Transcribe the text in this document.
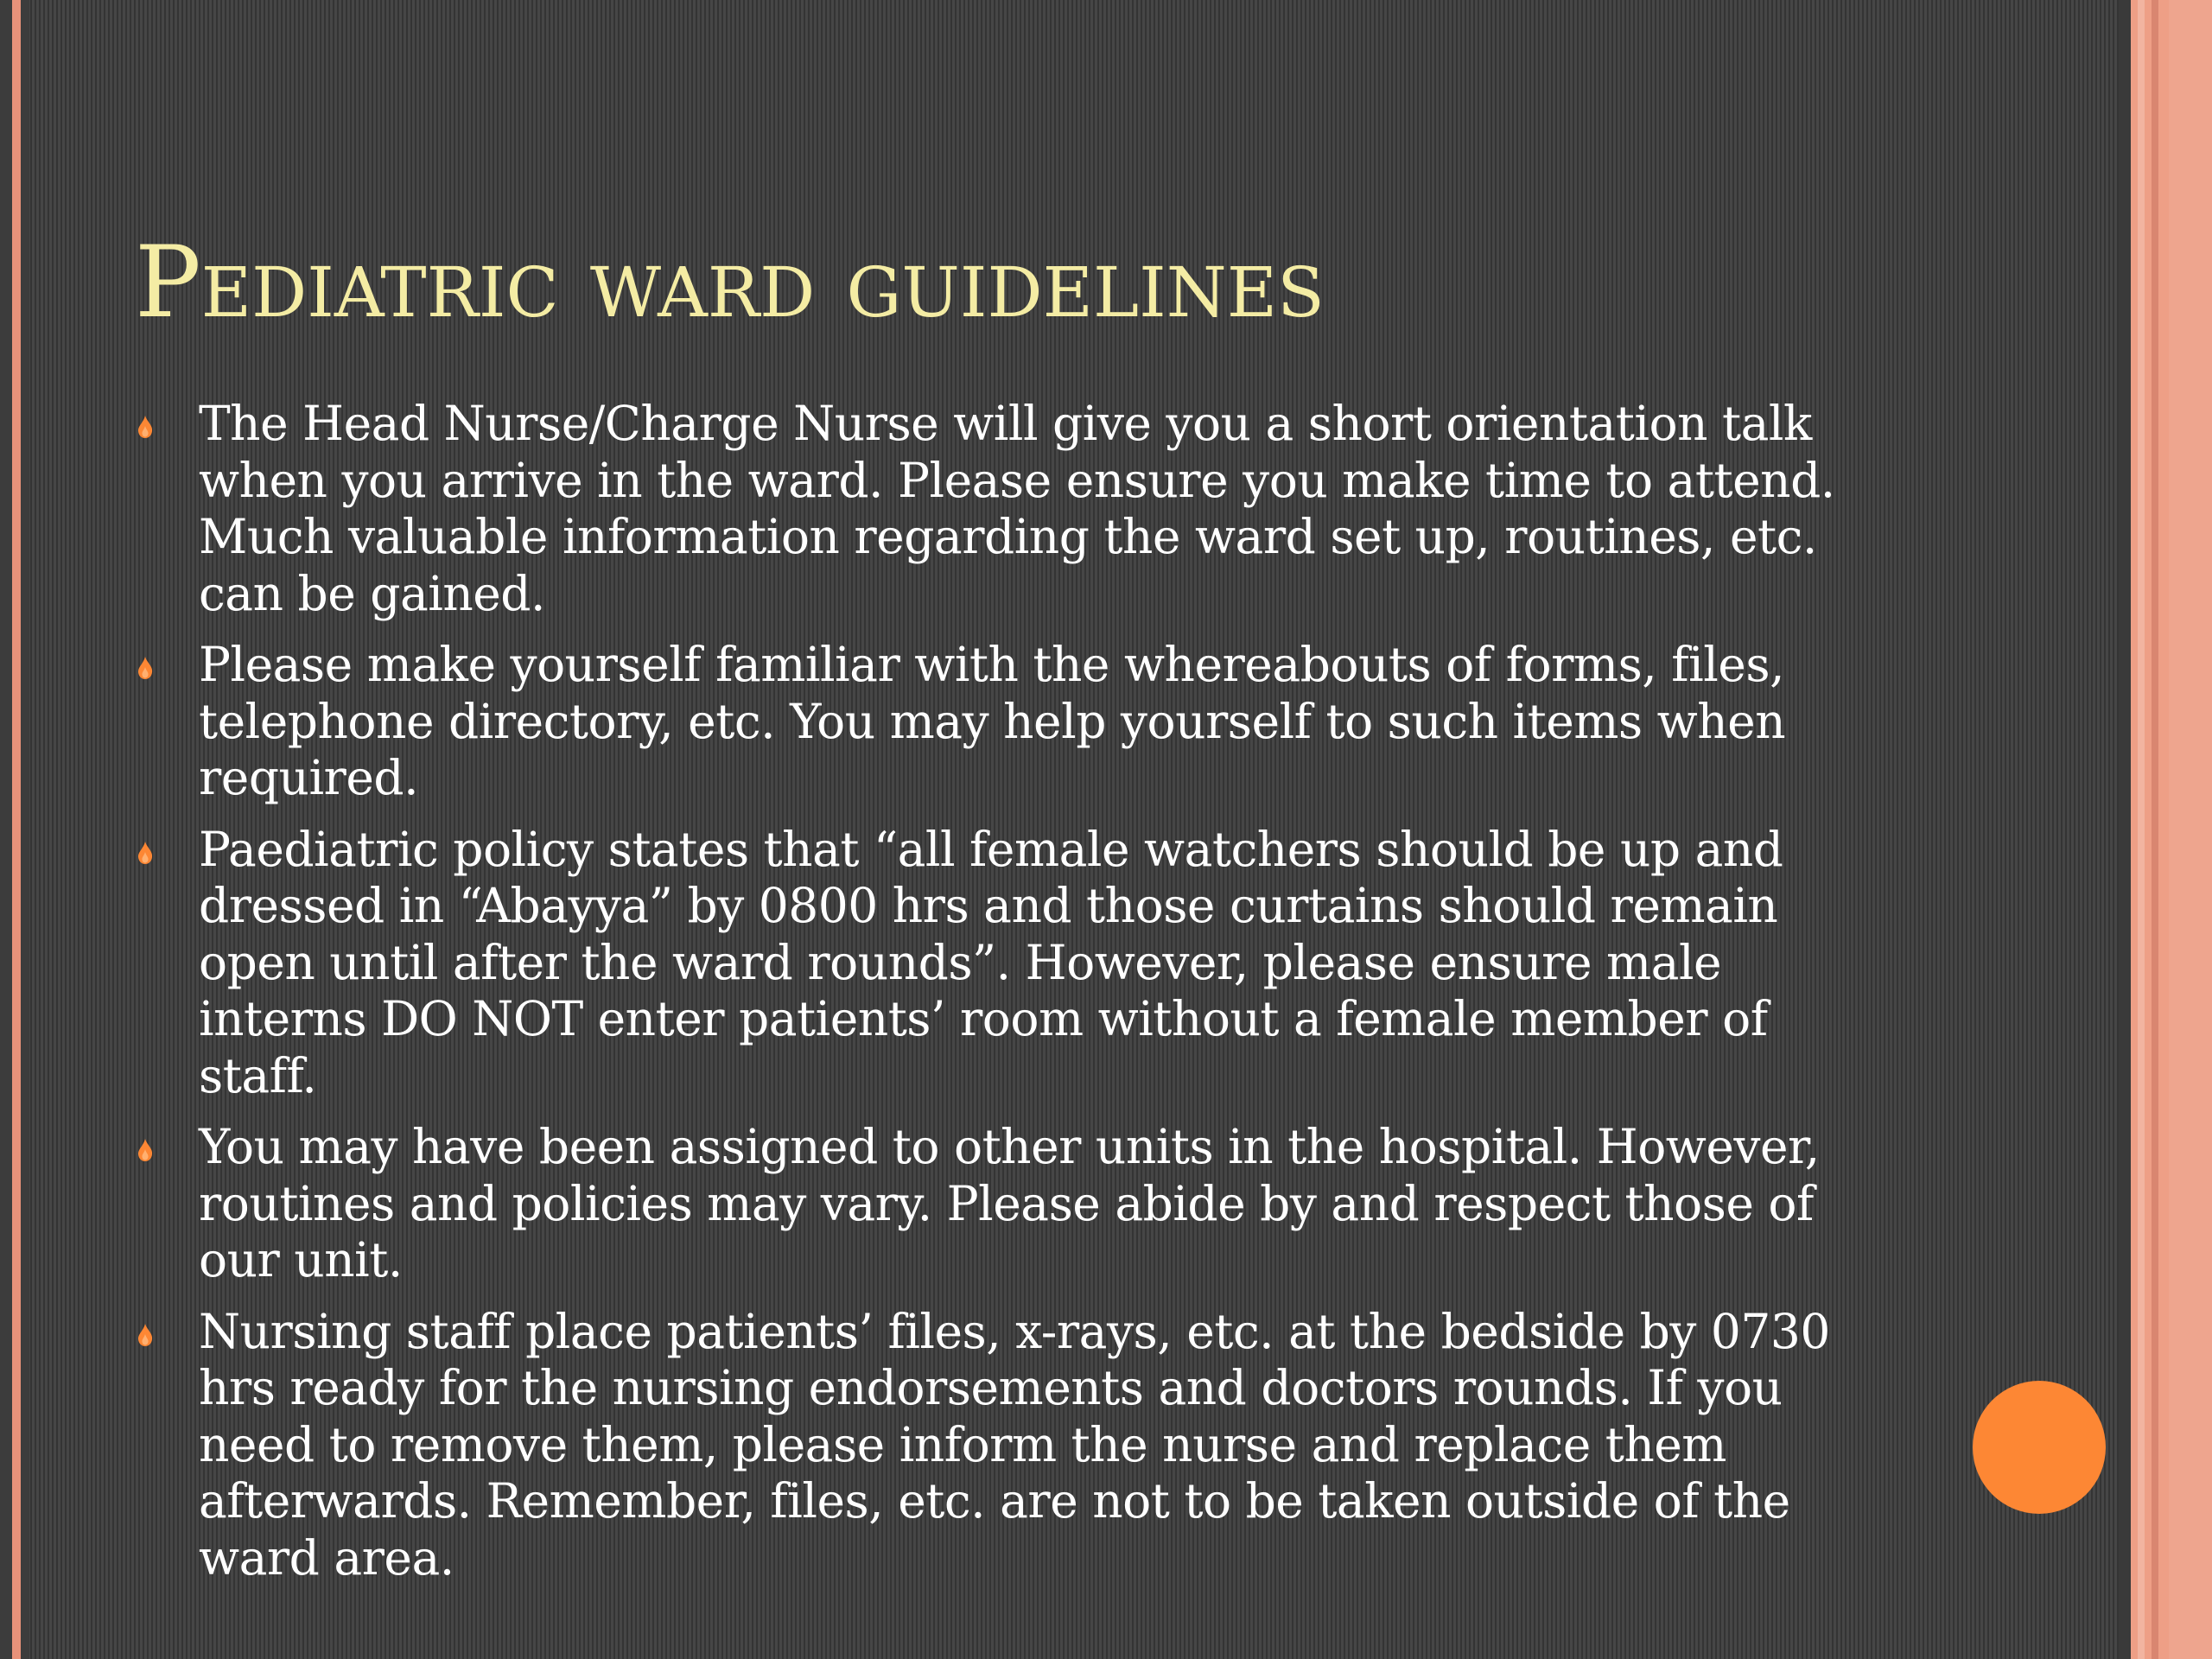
Pediatric ward guidelines
The Head Nurse/Charge Nurse will give you a short orientation talk
when you arrive in the ward. Please ensure you make time to attend.
Much valuable information regarding the ward set up, routines, etc.
can be gained.
Please make yourself familiar with the whereabouts of forms, files,
telephone directory, etc. You may help yourself to such items when
required.
Paediatric policy states that “all female watchers should be up and
dressed in “Abayya” by 0800 hrs and those curtains should remain
open until after the ward rounds”. However, please ensure male
interns DO NOT enter patients’ room without a female member of
staff.
You may have been assigned to other units in the hospital. However,
routines and policies may vary. Please abide by and respect those of
our unit.
Nursing staff place patients’ files, x-rays, etc. at the bedside by 0730
hrs ready for the nursing endorsements and doctors rounds. If you
need to remove them, please inform the nurse and replace them
afterwards. Remember, files, etc. are not to be taken outside of the
ward area.
